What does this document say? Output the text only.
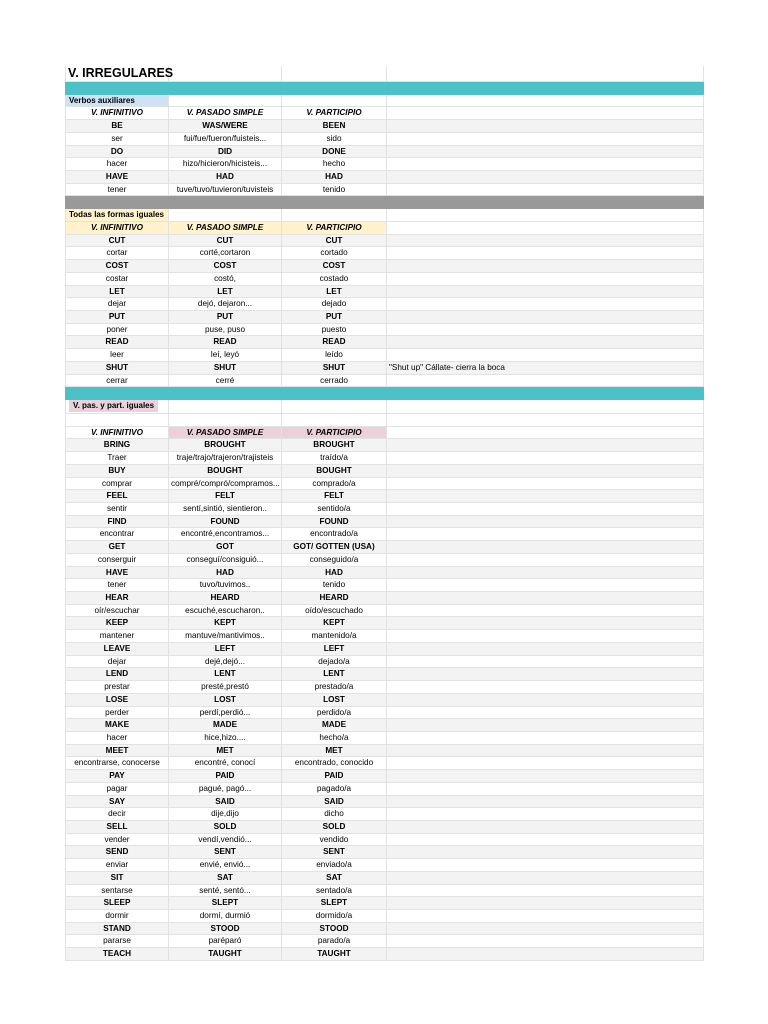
V. IRREGULARES
Verbos auxiliares
V. INFINITIVO	V. PASADO SIMPLE	V. PARTICIPIO
BE	WAS/WERE	BEEN
ser	fui/fue/fueron/fuisteis...	sido
DO	DID	DONE
hacer	hizo/hicieron/hicisteis...	hecho
HAVE	HAD	HAD
tener	tuve/tuvo/tuvieron/tuvisteis	tenido
Todas las formas iguales
V. INFINITIVO	V. PASADO SIMPLE	V. PARTICIPIO
CUT	CUT	CUT
cortar	corté,cortaron	cortado
COST	COST	COST
costar	costó,	costado
LET	LET	LET
dejar	dejó, dejaron...	dejado
PUT	PUT	PUT
poner	puse, puso	puesto
READ	READ	READ
leer	leí, leyó	leído
SHUT	SHUT	SHUT	"Shut up" Cállate- cierra la boca
cerrar	cerré	cerrado
V. pas. y part. iguales
V. INFINITIVO	V. PASADO SIMPLE	V. PARTICIPIO
BRING	BROUGHT	BROUGHT
Traer	traje/trajo/trajeron/trajisteis	traído/a
BUY	BOUGHT	BOUGHT
comprar	compré/compró/compramos...	comprado/a
FEEL	FELT	FELT
sentir	sentí,sintió, sientieron..	sentido/a
FIND	FOUND	FOUND
encontrar	encontré,encontramos...	encontrado/a
GET	GOT	GOT/ GOTTEN (USA)
conserguir	conseguí/consiguió...	conseguido/a
HAVE	HAD	HAD
tener	tuvo/tuvimos..	tenido
HEAR	HEARD	HEARD
oír/escuchar	escuché,escucharon..	oído/escuchado
KEEP	KEPT	KEPT
mantener	mantuve/mantivimos..	mantenido/a
LEAVE	LEFT	LEFT
dejar	dejé,dejó...	dejado/a
LEND	LENT	LENT
prestar	presté,prestó	prestado/a
LOSE	LOST	LOST
perder	perdí,perdió...	perdido/a
MAKE	MADE	MADE
hacer	hice,hizo....	hecho/a
MEET	MET	MET
encontrarse, conocerse	encontré, conocí	encontrado, conocido
PAY	PAID	PAID
pagar	pagué, pagó...	pagado/a
SAY	SAID	SAID
decir	dije,dijo	dicho
SELL	SOLD	SOLD
vender	vendí,vendió...	vendido
SEND	SENT	SENT
enviar	envié, envió...	enviado/a
SIT	SAT	SAT
sentarse	senté, sentó...	sentado/a
SLEEP	SLEPT	SLEPT
dormir	dormí, durmió	dormido/a
STAND	STOOD	STOOD
pararse	paréparó	parado/a
TEACH	TAUGHT	TAUGHT
